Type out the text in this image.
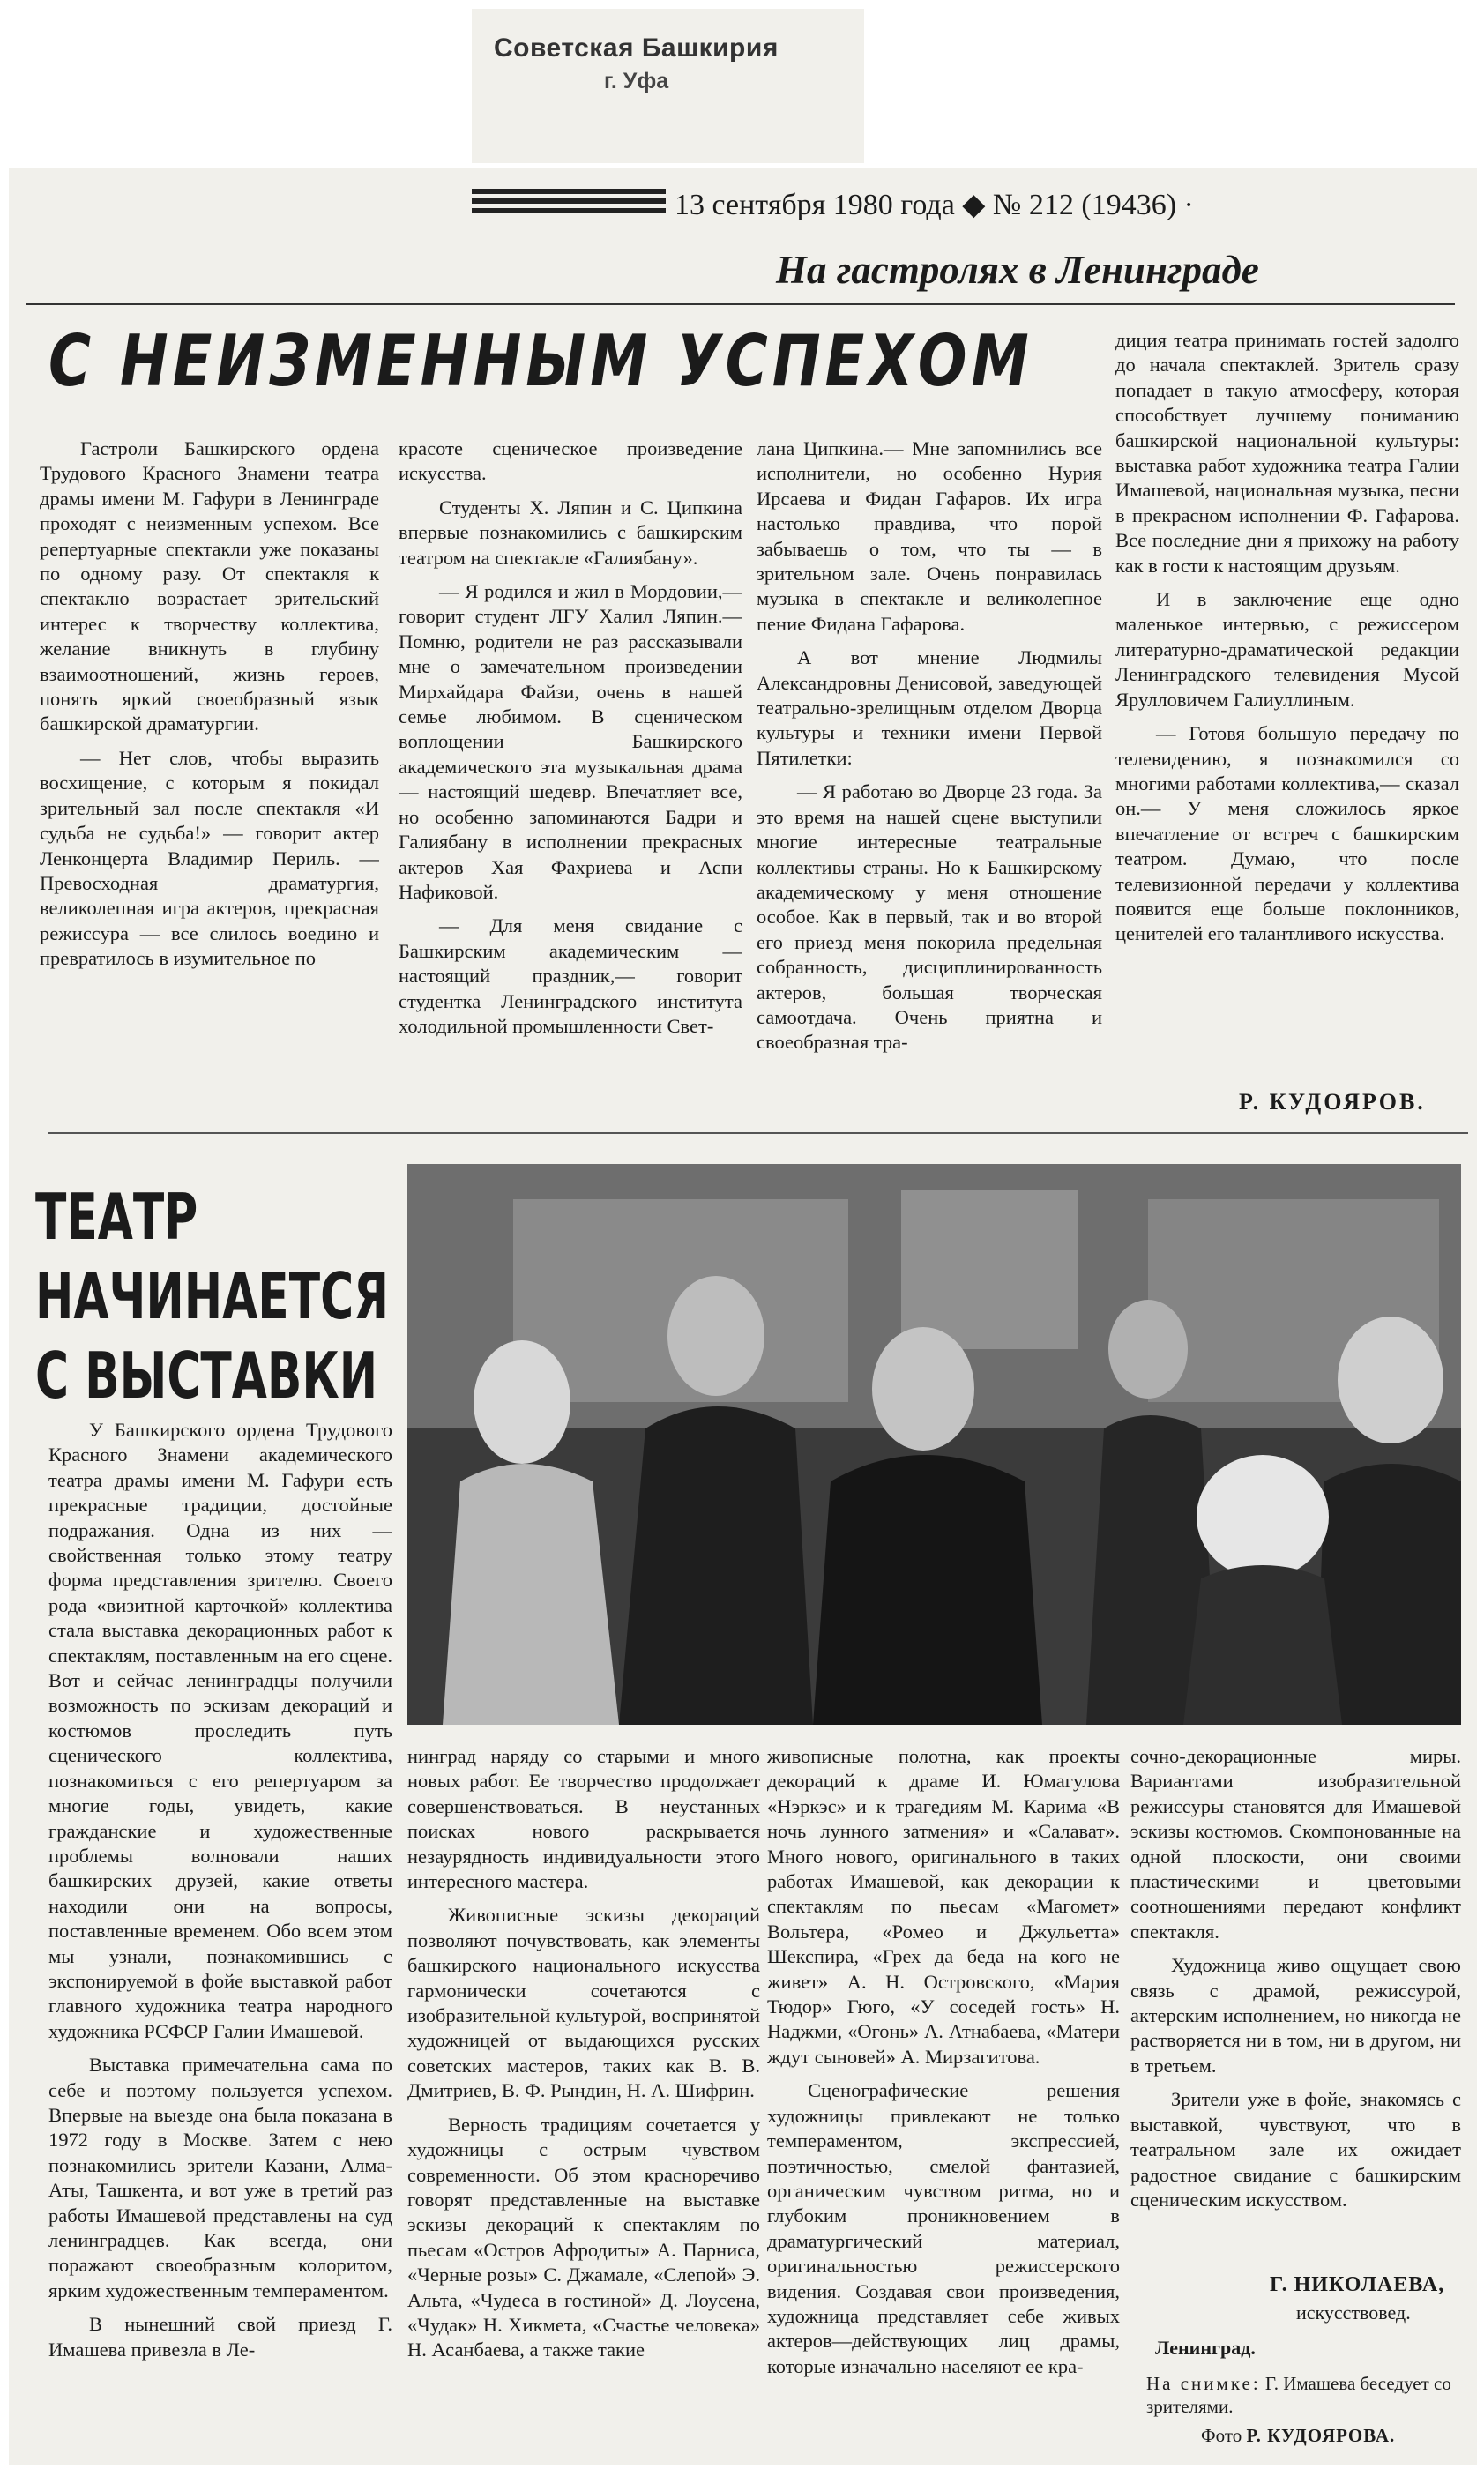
Советская Башкирия
г. Уфа
13 сентября 1980 года ◆ № 212 (19436) ·
На гастролях в Ленинграде
С НЕИЗМЕННЫМ УСПЕХОМ

Гастроли Башкирского ордена Трудового Красного Знамени театра драмы имени М. Гафури в Ленинграде проходят с неизменным успехом. Все репертуарные спектакли уже показаны по одному разу. От спектакля к спектаклю возрастает зрительский интерес к творчеству коллектива, желание вникнуть в глубину взаимоотношений, жизнь героев, понять яркий своеобразный язык башкирской драматургии.

— Нет слов, чтобы выразить восхищение, с которым я покидал зрительный зал после спектакля «И судьба не судьба!» — говорит актер Ленконцерта Владимир Периль. — Превосходная драматургия, великолепная игра актеров, прекрасная режиссура — все слилось воедино и превратилось в изумительное по

красоте сценическое произведение искусства.

Студенты Х. Ляпин и С. Ципкина впервые познакомились с башкирским театром на спектакле «Галиябану».

— Я родился и жил в Мордовии,— говорит студент ЛГУ Халил Ляпин.— Помню, родители не раз рассказывали мне о замечательном произведении Мирхайдара Файзи, очень в нашей семье любимом. В сценическом воплощении Башкирского академического эта музыкальная драма — настоящий шедевр. Впечатляет все, но особенно запоминаются Бадри и Галиябану в исполнении прекрасных актеров Хая Фахриева и Аспи Нафиковой.

— Для меня свидание с Башкирским академическим — настоящий праздник,— говорит студентка Ленинградского института холодильной промышленности Свет-

лана Ципкина.— Мне запомнились все исполнители, но особенно Нурия Ирсаева и Фидан Гафаров. Их игра настолько правдива, что порой забываешь о том, что ты — в зрительном зале. Очень понравилась музыка в спектакле и великолепное пение Фидана Гафарова.

А вот мнение Людмилы Александровны Денисовой, заведующей театрально-зрелищным отделом Дворца культуры и техники имени Первой Пятилетки:

— Я работаю во Дворце 23 года. За это время на нашей сцене выступили многие интересные театральные коллективы страны. Но к Башкирскому академическому у меня отношение особое. Как в первый, так и во второй его приезд меня покорила предельная собранность, дисциплинированность актеров, большая творческая самоотдача. Очень приятна и своеобразная тра-

диция театра принимать гостей задолго до начала спектаклей. Зритель сразу попадает в такую атмосферу, которая способствует лучшему пониманию башкирской национальной культуры: выставка работ художника театра Галии Имашевой, национальная музыка, песни в прекрасном исполнении Ф. Гафарова. Все последние дни я прихожу на работу как в гости к настоящим друзьям.

И в заключение еще одно маленькое интервью, с режиссером литературно-драматической редакции Ленинградского телевидения Мусой Ярулловичем Галиуллиным.

— Готовя большую передачу по телевидению, я познакомился со многими работами коллектива,— сказал он.— У меня сложилось яркое впечатление от встреч с башкирским театром. Думаю, что после телевизионной передачи у коллектива появится еще больше поклонников, ценителей его талантливого искусства.

Р. КУДОЯРОВ.
ТЕАТР
НАЧИНАЕТСЯ
С ВЫСТАВКИ

У Башкирского ордена Трудового Красного Знамени академического театра драмы имени М. Гафури есть прекрасные традиции, достойные подражания. Одна из них — свойственная только этому театру форма представления зрителю. Своего рода «визитной карточкой» коллектива стала выставка декорационных работ к спектаклям, поставленным на его сцене. Вот и сейчас ленинградцы получили возможность по эскизам декораций и костюмов проследить путь сценического коллектива, познакомиться с его репертуаром за многие годы, увидеть, какие гражданские и художественные проблемы волновали наших башкирских друзей, какие ответы находили они на вопросы, поставленные временем. Обо всем этом мы узнали, познакомившись с экспонируемой в фойе выставкой работ главного художника театра народного художника РСФСР Галии Имашевой.

Выставка примечательна сама по себе и поэтому пользуется успехом. Впервые на выезде она была показана в 1972 году в Москве. Затем с нею познакомились зрители Казани, Алма-Аты, Ташкента, и вот уже в третий раз работы Имашевой представлены на суд ленинградцев. Как всегда, они поражают своеобразным колоритом, ярким художественным темпераментом.

В нынешний свой приезд Г. Имашева привезла в Ле-

нинград наряду со старыми и много новых работ. Ее творчество продолжает совершенствоваться. В неустанных поисках нового раскрывается незаурядность индивидуальности этого интересного мастера.

Живописные эскизы декораций позволяют почувствовать, как элементы башкирского национального искусства гармонически сочетаются с изобразительной культурой, воспринятой художницей от выдающихся русских советских мастеров, таких как В. В. Дмитриев, В. Ф. Рындин, Н. А. Шифрин.

Верность традициям сочетается у художницы с острым чувством современности. Об этом красноречиво говорят представленные на выставке эскизы декораций к спектаклям по пьесам «Остров Афродиты» А. Парниса, «Черные розы» С. Джамале, «Слепой» Э. Альта, «Чудеса в гостиной» Д. Лоусена, «Чудак» Н. Хикмета, «Счастье человека» Н. Асанбаева, а также такие

живописные полотна, как проекты декораций к драме И. Юмагулова «Нэркэс» и к трагедиям М. Карима «В ночь лунного затмения» и «Салават». Много нового, оригинального в таких работах Имашевой, как декорации к спектаклям по пьесам «Магомет» Вольтера, «Ромео и Джульетта» Шекспира, «Грех да беда на кого не живет» А. Н. Островского, «Мария Тюдор» Гюго, «У соседей гость» Н. Наджми, «Огонь» А. Атнабаева, «Матери ждут сыновей» А. Мирзагитова.

Сценографические решения художницы привлекают не только темпераментом, экспрессией, поэтичностью, смелой фантазией, органическим чувством ритма, но и глубоким проникновением в драматургический материал, оригинальностью режиссерского видения. Создавая свои произведения, художница представляет себе живых актеров—действующих лиц драмы, которые изначально населяют ее кра-

сочно-декорационные миры. Вариантами изобразительной режиссуры становятся для Имашевой эскизы костюмов. Скомпонованные на одной плоскости, они своими пластическими и цветовыми соотношениями передают конфликт спектакля.

Художница живо ощущает свою связь с драмой, режиссурой, актерским исполнением, но никогда не растворяется ни в том, ни в другом, ни в третьем.

Зрители уже в фойе, знакомясь с выставкой, чувствуют, что в театральном зале их ожидает радостное свидание с башкирским сценическим искусством.

Г. НИКОЛАЕВА,
искусствовед.
Ленинград.
На снимке: Г. Имашева беседует со зрителями.
Фото Р. КУДОЯРОВА.
